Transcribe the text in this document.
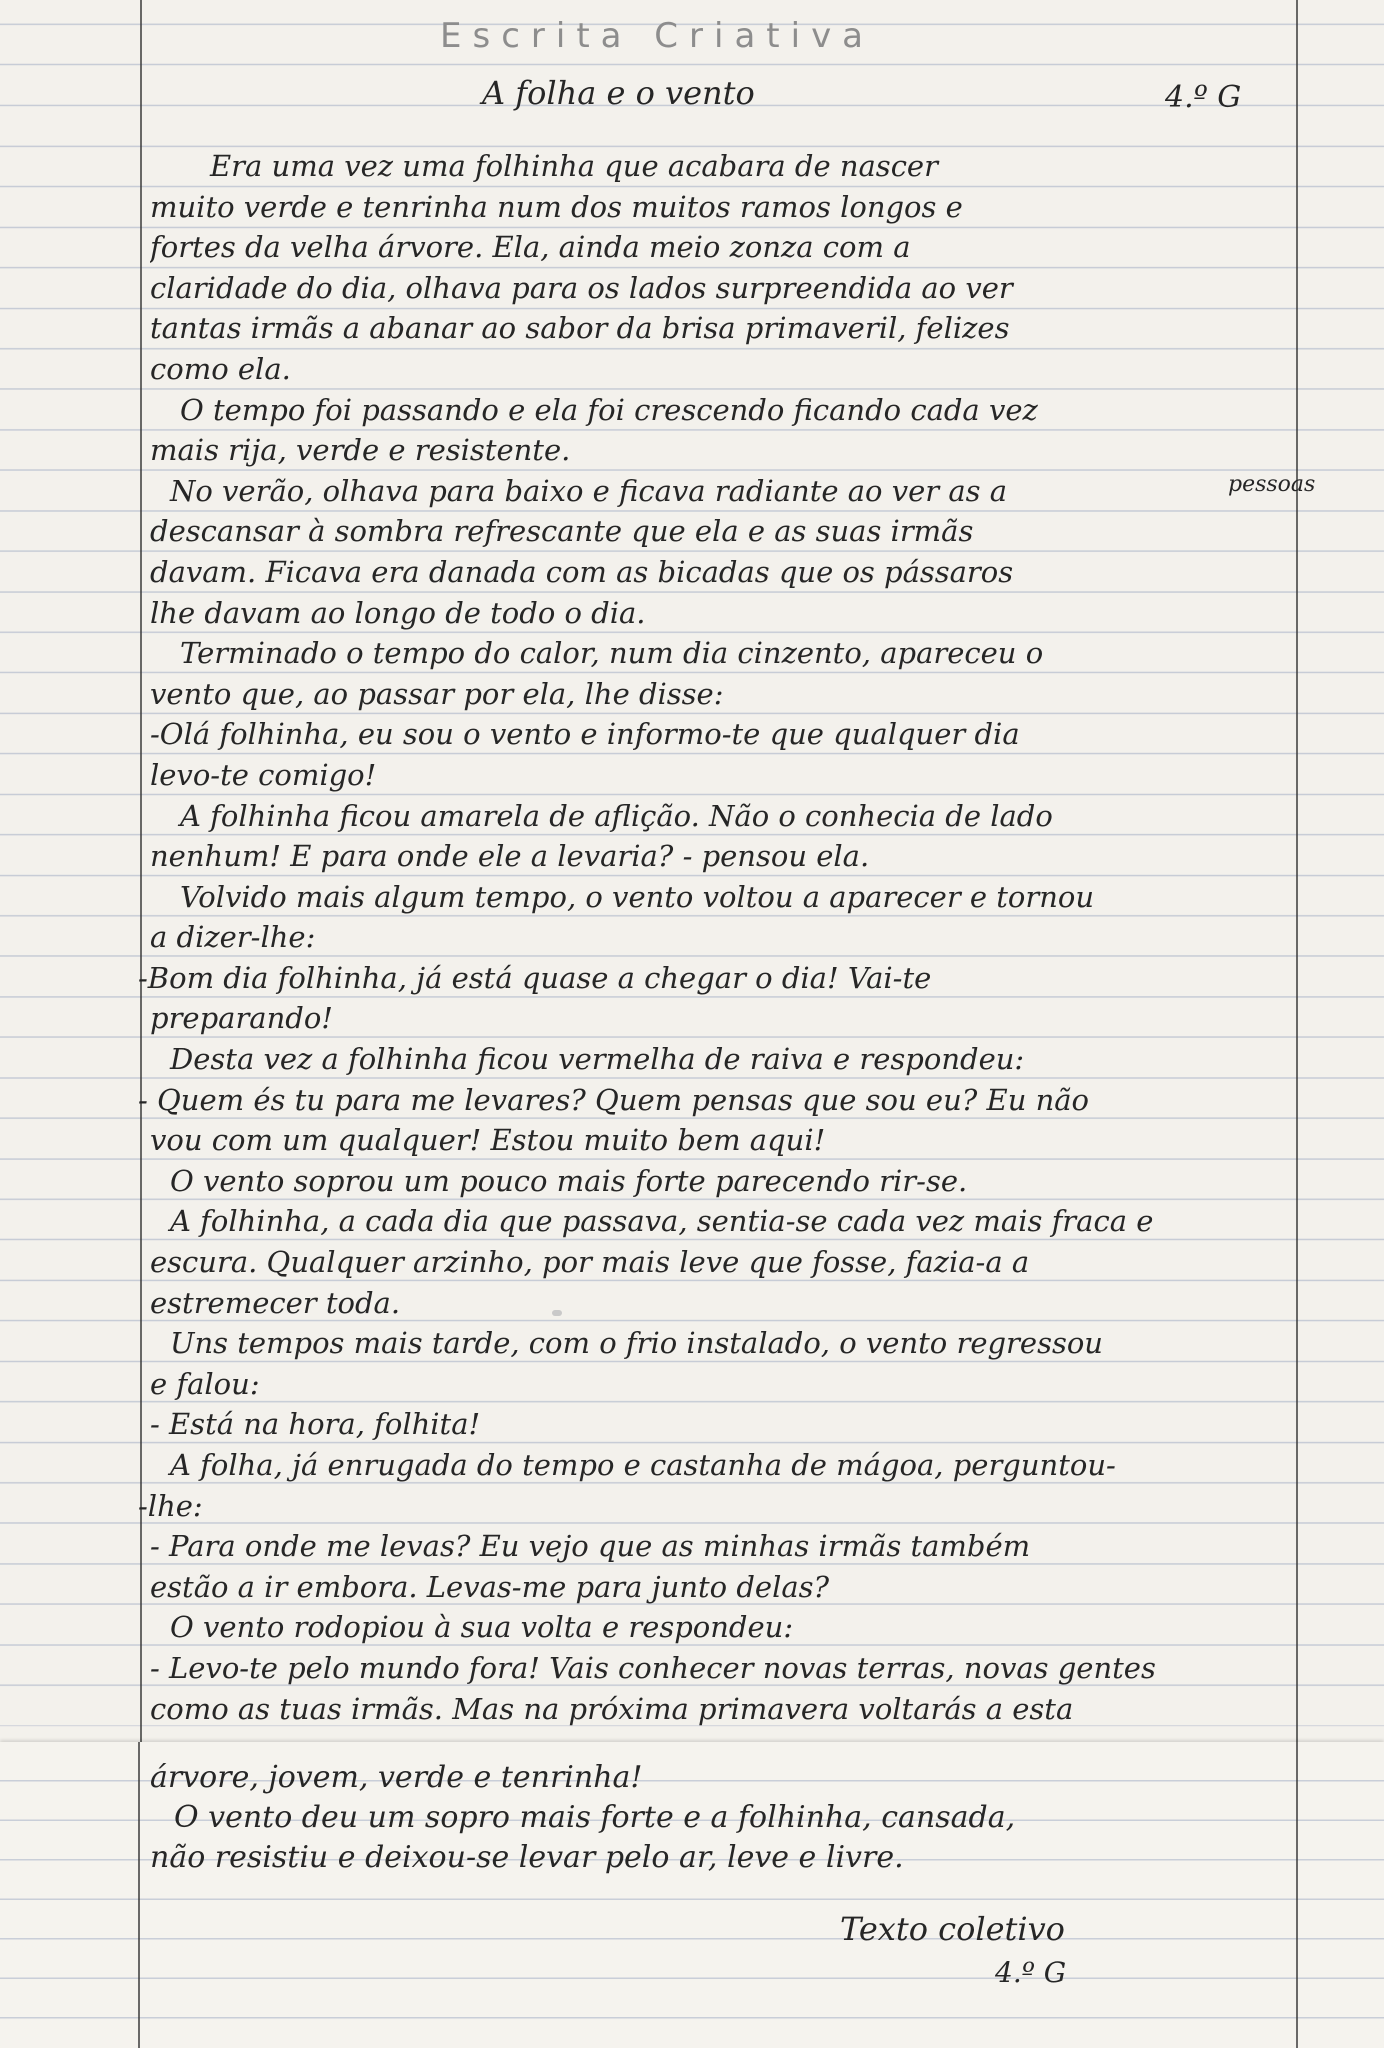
Escrita Criativa
A folha e o vento	4.º G
pessoas
Era uma vez uma folhinha que acabara de nascer
muito verde e tenrinha num dos muitos ramos longos e
fortes da velha árvore. Ela, ainda meio zonza com a
claridade do dia, olhava para os lados surpreendida ao ver
tantas irmãs a abanar ao sabor da brisa primaveril, felizes
como ela.
O tempo foi passando e ela foi crescendo ficando cada vez
mais rija, verde e resistente.
No verão, olhava para baixo e ficava radiante ao ver as a
descansar à sombra refrescante que ela e as suas irmãs
davam. Ficava era danada com as bicadas que os pássaros
lhe davam ao longo de todo o dia.
Terminado o tempo do calor, num dia cinzento, apareceu o
vento que, ao passar por ela, lhe disse:
-Olá folhinha, eu sou o vento e informo-te que qualquer dia
levo-te comigo!
A folhinha ficou amarela de aflição. Não o conhecia de lado
nenhum! E para onde ele a levaria? - pensou ela.
Volvido mais algum tempo, o vento voltou a aparecer e tornou
a dizer-lhe:
-Bom dia folhinha, já está quase a chegar o dia! Vai-te
preparando!
Desta vez a folhinha ficou vermelha de raiva e respondeu:
- Quem és tu para me levares? Quem pensas que sou eu? Eu não
vou com um qualquer! Estou muito bem aqui!
O vento soprou um pouco mais forte parecendo rir-se.
A folhinha, a cada dia que passava, sentia-se cada vez mais fraca e
escura. Qualquer arzinho, por mais leve que fosse, fazia-a a
estremecer toda.
Uns tempos mais tarde, com o frio instalado, o vento regressou
e falou:
- Está na hora, folhita!
A folha, já enrugada do tempo e castanha de mágoa, perguntou-
-lhe:
- Para onde me levas? Eu vejo que as minhas irmãs também
estão a ir embora. Levas-me para junto delas?
O vento rodopiou à sua volta e respondeu:
- Levo-te pelo mundo fora! Vais conhecer novas terras, novas gentes
como as tuas irmãs. Mas na próxima primavera voltarás a esta
árvore, jovem, verde e tenrinha!
O vento deu um sopro mais forte e a folhinha, cansada,
não resistiu e deixou-se levar pelo ar, leve e livre.
Texto coletivo
4.º G
